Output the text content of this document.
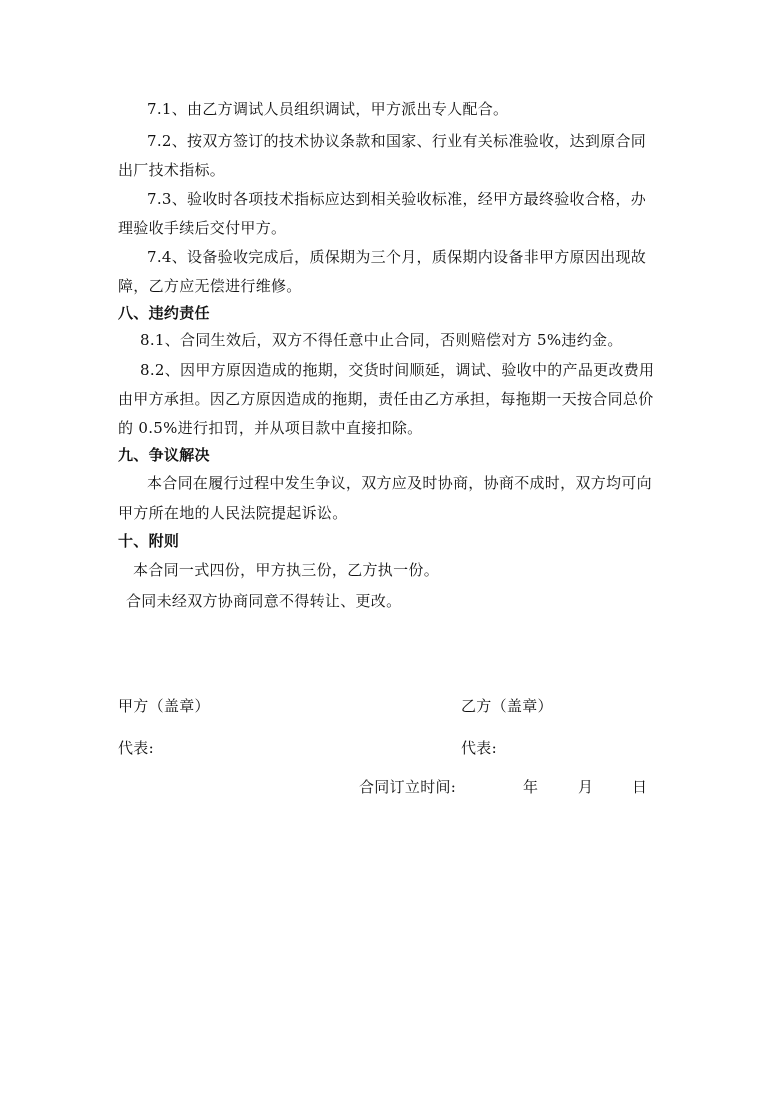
7.1、由乙方调试人员组织调试，甲方派出专人配合。
7.2、按双方签订的技术协议条款和国家、行业有关标准验收，达到原合同
出厂技术指标。
7.3、验收时各项技术指标应达到相关验收标准，经甲方最终验收合格，办
理验收手续后交付甲方。
7.4、设备验收完成后，质保期为三个月，质保期内设备非甲方原因出现故
障，乙方应无偿进行维修。
八、违约责任
8.1、合同生效后，双方不得任意中止合同，否则赔偿对方 5%违约金。
8.2、因甲方原因造成的拖期，交货时间顺延，调试、验收中的产品更改费用
由甲方承担。因乙方原因造成的拖期，责任由乙方承担，每拖期一天按合同总价
的 0.5%进行扣罚，并从项目款中直接扣除。
九、争议解决
本合同在履行过程中发生争议，双方应及时协商，协商不成时，双方均可向
甲方所在地的人民法院提起诉讼。
十、附则
本合同一式四份，甲方执三份，乙方执一份。
合同未经双方协商同意不得转让、更改。
甲方（盖章）	乙方（盖章）
代表:	代表:
合同订立时间:	年	月	日
